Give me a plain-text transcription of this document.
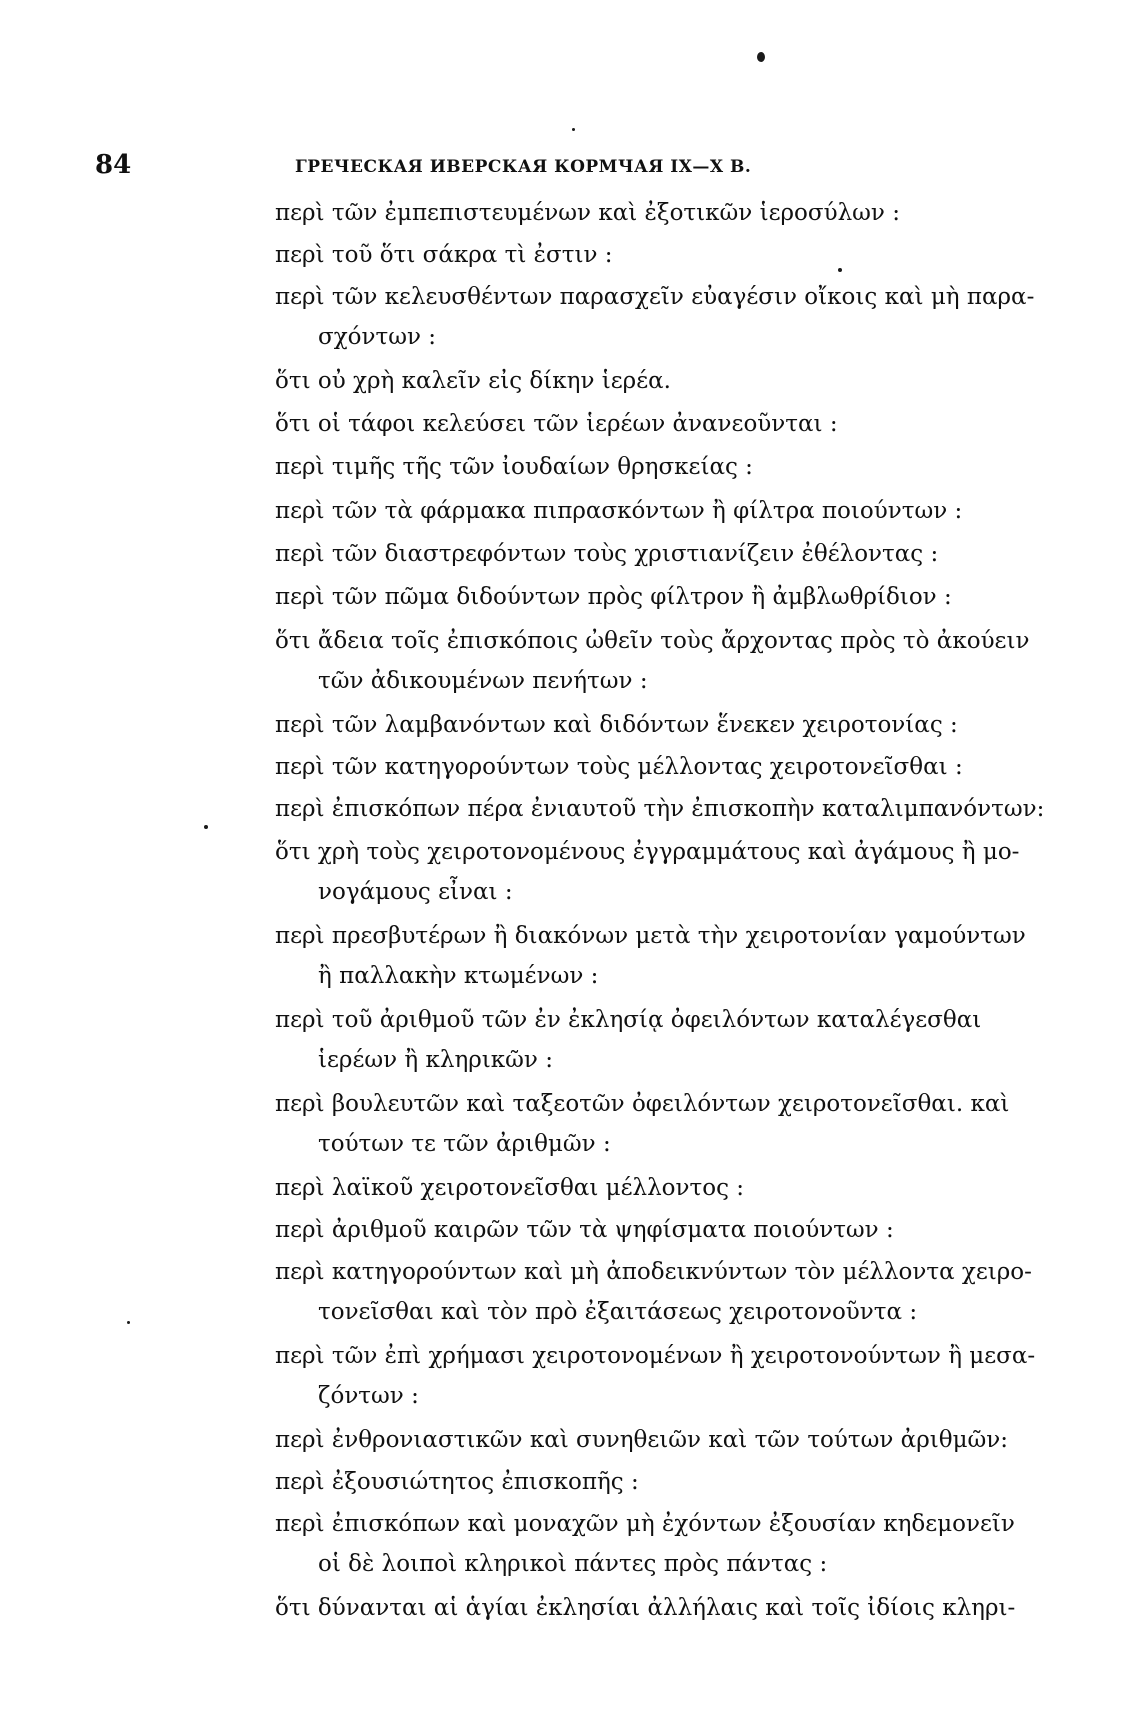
84	ГРЕЧЕСКАЯ ИВЕРСКАЯ КОРМЧАЯ IX—X В.
περὶ τῶν ἐμπεπιστευμένων καὶ ἐξοτικῶν ἱεροσύλων :
περὶ τοῦ ὅτι σάκρα τὶ ἐστιν :
περὶ τῶν κελευσθέντων παρασχεῖν εὐαγέσιν οἴκοις καὶ μὴ παρα-
σχόντων :
ὅτι οὐ χρὴ καλεῖν εἰς δίκην ἱερέα.
ὅτι οἱ τάφοι κελεύσει τῶν ἱερέων ἀνανεοῦνται :
περὶ τιμῆς τῆς τῶν ἰουδαίων θρησκείας :
περὶ τῶν τὰ φάρμακα πιπρασκόντων ἢ φίλτρα ποιούντων :
περὶ τῶν διαστρεφόντων τοὺς χριστιανίζειν ἐθέλοντας :
περὶ τῶν πῶμα διδούντων πρὸς φίλτρον ἢ ἀμβλωθρίδιον :
ὅτι ἄδεια τοῖς ἐπισκόποις ὠθεῖν τοὺς ἄρχοντας πρὸς τὸ ἀκούειν
τῶν ἀδικουμένων πενήτων :
περὶ τῶν λαμβανόντων καὶ διδόντων ἕνεκεν χειροτονίας :
περὶ τῶν κατηγορούντων τοὺς μέλλοντας χειροτονεῖσθαι :
περὶ ἐπισκόπων πέρα ἐνιαυτοῦ τὴν ἐπισκοπὴν καταλιμπανόντων:
ὅτι χρὴ τοὺς χειροτονομένους ἐγγραμμάτους καὶ ἀγάμους ἢ μο-
νογάμους εἶναι :
περὶ πρεσβυτέρων ἢ διακόνων μετὰ τὴν χειροτονίαν γαμούντων
ἢ παλλακὴν κτωμένων :
περὶ τοῦ ἀριθμοῦ τῶν ἐν ἐκλησίᾳ ὀφειλόντων καταλέγεσθαι
ἱερέων ἢ κληρικῶν :
περὶ βουλευτῶν καὶ ταξεοτῶν ὀφειλόντων χειροτονεῖσθαι. καὶ
τούτων τε τῶν ἀριθμῶν :
περὶ λαϊκοῦ χειροτονεῖσθαι μέλλοντος :
περὶ ἀριθμοῦ καιρῶν τῶν τὰ ψηφίσματα ποιούντων :
περὶ κατηγορούντων καὶ μὴ ἀποδεικνύντων τὸν μέλλοντα χειρο-
τονεῖσθαι καὶ τὸν πρὸ ἐξαιτάσεως χειροτονοῦντα :
περὶ τῶν ἐπὶ χρήμασι χειροτονομένων ἢ χειροτονούντων ἢ μεσα-
ζόντων :
περὶ ἐνθρονιαστικῶν καὶ συνηθειῶν καὶ τῶν τούτων ἀριθμῶν:
περὶ ἐξουσιώτητος ἐπισκοπῆς :
περὶ ἐπισκόπων καὶ μοναχῶν μὴ ἐχόντων ἐξουσίαν κηδεμονεῖν
οἱ δὲ λοιποὶ κληρικοὶ πάντες πρὸς πάντας :
ὅτι δύνανται αἱ ἁγίαι ἐκλησίαι ἀλλήλαις καὶ τοῖς ἰδίοις κληρι-
